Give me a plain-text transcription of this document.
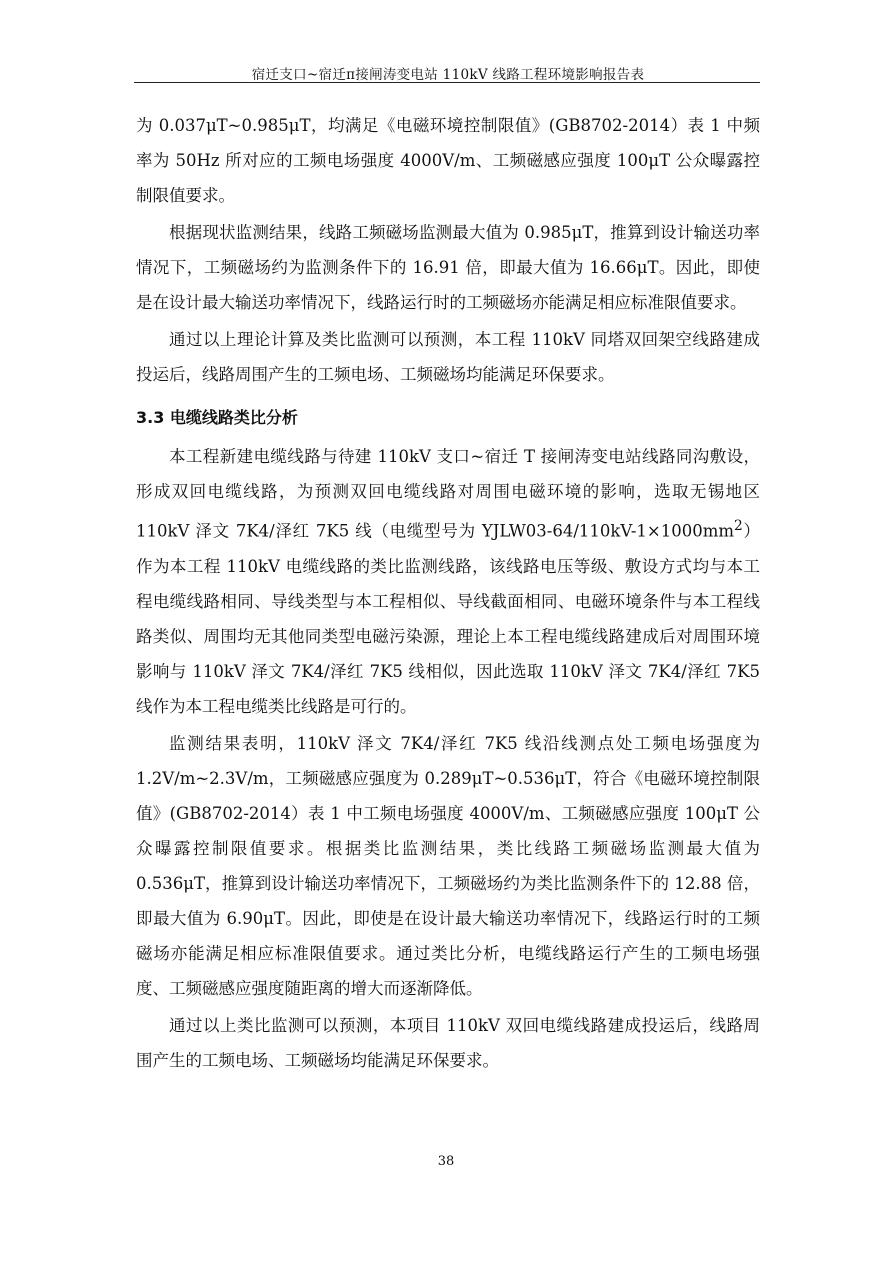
宿迁支口~宿迁π接闸涛变电站 110kV 线路工程环境影响报告表

为 0.037μT~0.985μT，均满足《电磁环境控制限值》(GB8702-2014）表 1 中频率为 50Hz 所对应的工频电场强度 4000V/m、工频磁感应强度 100μT 公众曝露控制限值要求。

根据现状监测结果，线路工频磁场监测最大值为 0.985μT，推算到设计输送功率情况下，工频磁场约为监测条件下的 16.91 倍，即最大值为 16.66μT。因此，即使是在设计最大输送功率情况下，线路运行时的工频磁场亦能满足相应标准限值要求。

通过以上理论计算及类比监测可以预测，本工程 110kV 同塔双回架空线路建成投运后，线路周围产生的工频电场、工频磁场均能满足环保要求。

3.3 电缆线路类比分析

本工程新建电缆线路与待建 110kV 支口~宿迁 T 接闸涛变电站线路同沟敷设，形成双回电缆线路，为预测双回电缆线路对周围电磁环境的影响，选取无锡地区 110kV 泽文 7K4/泽红 7K5 线（电缆型号为 $YJLW03-64/110kV-1\times 1000mm^2$）作为本工程 110kV 电缆线路的类比监测线路，该线路电压等级、敷设方式均与本工程电缆线路相同、导线类型与本工程相似、导线截面相同、电磁环境条件与本工程线路类似、周围均无其他同类型电磁污染源，理论上本工程电缆线路建成后对周围环境影响与 110kV 泽文 7K4/泽红 7K5 线相似，因此选取 110kV 泽文 7K4/泽红 7K5 线作为本工程电缆类比线路是可行的。

监测结果表明，110kV 泽文 7K4/泽红 7K5 线沿线测点处工频电场强度为 1.2V/m~2.3V/m，工频磁感应强度为 0.289μT~0.536μT，符合《电磁环境控制限值》(GB8702-2014）表 1 中工频电场强度 4000V/m、工频磁感应强度 100μT 公众曝露控制限值要求。根据类比监测结果，类比线路工频磁场监测最大值为 0.536μT，推算到设计输送功率情况下，工频磁场约为类比监测条件下的 12.88 倍，即最大值为 6.90μT。因此，即使是在设计最大输送功率情况下，线路运行时的工频磁场亦能满足相应标准限值要求。通过类比分析，电缆线路运行产生的工频电场强度、工频磁感应强度随距离的增大而逐渐降低。

通过以上类比监测可以预测，本项目 110kV 双回电缆线路建成投运后，线路周围产生的工频电场、工频磁场均能满足环保要求。

38
